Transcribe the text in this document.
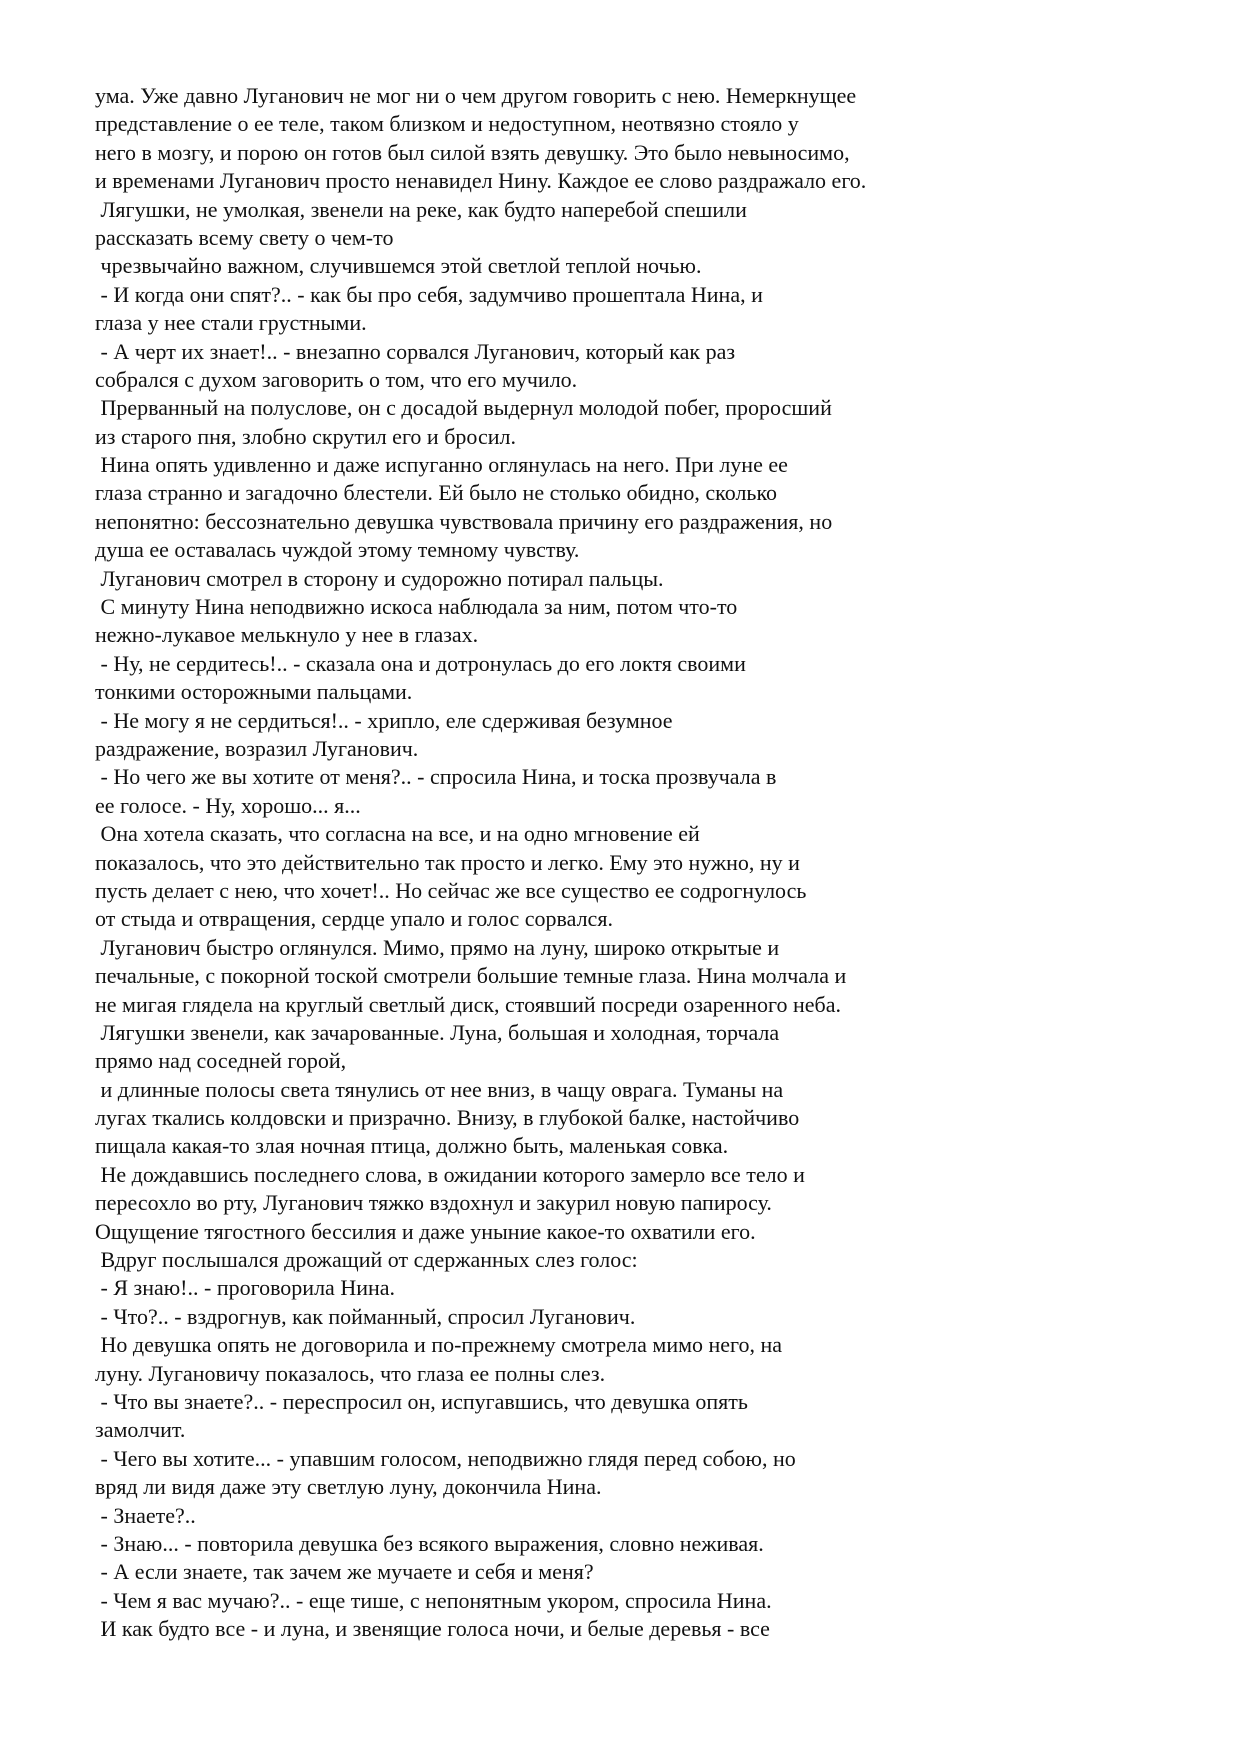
ума. Уже давно Луганович не мог ни о чем другом говорить с нею. Немеркнущее
представление о ее теле, таком близком и недоступном, неотвязно стояло у
него в мозгу, и порою он готов был силой взять девушку. Это было невыносимо,
и временами Луганович просто ненавидел Нину. Каждое ее слово раздражало его.
Лягушки, не умолкая, звенели на реке, как будто наперебой спешили
рассказать всему свету о чем-то
чрезвычайно важном, случившемся этой светлой теплой ночью.
- И когда они спят?.. - как бы про себя, задумчиво прошептала Нина, и
глаза у нее стали грустными.
- А черт их знает!.. - внезапно сорвался Луганович, который как раз
собрался с духом заговорить о том, что его мучило.
Прерванный на полуслове, он с досадой выдернул молодой побег, проросший
из старого пня, злобно скрутил его и бросил.
Нина опять удивленно и даже испуганно оглянулась на него. При луне ее
глаза странно и загадочно блестели. Ей было не столько обидно, сколько
непонятно: бессознательно девушка чувствовала причину его раздражения, но
душа ее оставалась чуждой этому темному чувству.
Луганович смотрел в сторону и судорожно потирал пальцы.
С минуту Нина неподвижно искоса наблюдала за ним, потом что-то
нежно-лукавое мелькнуло у нее в глазах.
- Ну, не сердитесь!.. - сказала она и дотронулась до его локтя своими
тонкими осторожными пальцами.
- Не могу я не сердиться!.. - хрипло, еле сдерживая безумное
раздражение, возразил Луганович.
- Но чего же вы хотите от меня?.. - спросила Нина, и тоска прозвучала в
ее голосе. - Ну, хорошо... я...
Она хотела сказать, что согласна на все, и на одно мгновение ей
показалось, что это действительно так просто и легко. Ему это нужно, ну и
пусть делает с нею, что хочет!.. Но сейчас же все существо ее содрогнулось
от стыда и отвращения, сердце упало и голос сорвался.
Луганович быстро оглянулся. Мимо, прямо на луну, широко открытые и
печальные, с покорной тоской смотрели большие темные глаза. Нина молчала и
не мигая глядела на круглый светлый диск, стоявший посреди озаренного неба.
Лягушки звенели, как зачарованные. Луна, большая и холодная, торчала
прямо над соседней горой,
и длинные полосы света тянулись от нее вниз, в чащу оврага. Туманы на
лугах ткались колдовски и призрачно. Внизу, в глубокой балке, настойчиво
пищала какая-то злая ночная птица, должно быть, маленькая совка.
Не дождавшись последнего слова, в ожидании которого замерло все тело и
пересохло во рту, Луганович тяжко вздохнул и закурил новую папиросу.
Ощущение тягостного бессилия и даже уныние какое-то охватили его.
Вдруг послышался дрожащий от сдержанных слез голос:
- Я знаю!.. - проговорила Нина.
- Что?.. - вздрогнув, как пойманный, спросил Луганович.
Но девушка опять не договорила и по-прежнему смотрела мимо него, на
луну. Лугановичу показалось, что глаза ее полны слез.
- Что вы знаете?.. - переспросил он, испугавшись, что девушка опять
замолчит.
- Чего вы хотите... - упавшим голосом, неподвижно глядя перед собою, но
вряд ли видя даже эту светлую луну, докончила Нина.
- Знаете?..
- Знаю... - повторила девушка без всякого выражения, словно неживая.
- А если знаете, так зачем же мучаете и себя и меня?
- Чем я вас мучаю?.. - еще тише, с непонятным укором, спросила Нина.
И как будто все - и луна, и звенящие голоса ночи, и белые деревья - все
